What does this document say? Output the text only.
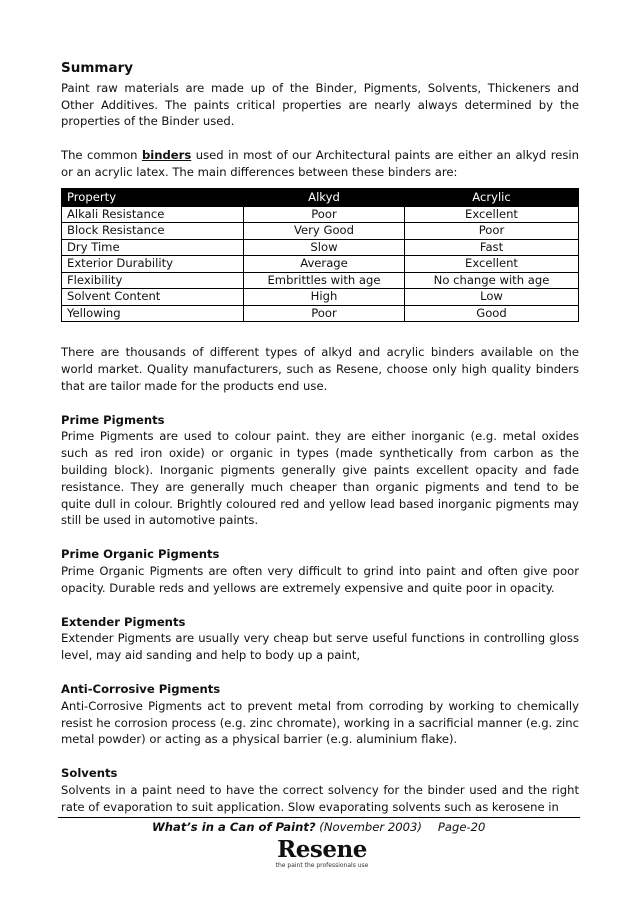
Summary

Paint raw materials are made up of the Binder, Pigments, Solvents, Thickeners and Other Additives. The paints critical properties are nearly always determined by the properties of the Binder used.

The common binders used in most of our Architectural paints are either an alkyd resin or an acrylic latex. The main differences between these binders are:

Property	Alkyd	Acrylic
Alkali Resistance	Poor	Excellent
Block Resistance	Very Good	Poor
Dry Time	Slow	Fast
Exterior Durability	Average	Excellent
Flexibility	Embrittles with age	No change with age
Solvent Content	High	Low
Yellowing	Poor	Good

There are thousands of different types of alkyd and acrylic binders available on the world market. Quality manufacturers, such as Resene, choose only high quality binders that are tailor made for the products end use.

Prime Pigments

Prime Pigments are used to colour paint. they are either inorganic (e.g. metal oxides such as red iron oxide) or organic in types (made synthetically from carbon as the building block). Inorganic pigments generally give paints excellent opacity and fade resistance. They are generally much cheaper than organic pigments and tend to be quite dull in colour. Brightly coloured red and yellow lead based inorganic pigments may still be used in automotive paints.

Prime Organic Pigments

Prime Organic Pigments are often very difficult to grind into paint and often give poor opacity. Durable reds and yellows are extremely expensive and quite poor in opacity.

Extender Pigments

Extender Pigments are usually very cheap but serve useful functions in controlling gloss level, may aid sanding and help to body up a paint,

Anti-Corrosive Pigments

Anti-Corrosive Pigments act to prevent metal from corroding by working to chemically resist he corrosion process (e.g. zinc chromate), working in a sacrificial manner (e.g. zinc metal powder) or acting as a physical barrier (e.g. aluminium flake).

Solvents

Solvents in a paint need to have the correct solvency for the binder used and the right rate of evaporation to suit application. Slow evaporating solvents such as kerosene in

What’s in a Can of Paint? (November 2003) Page-20
Resene
the paint the professionals use
